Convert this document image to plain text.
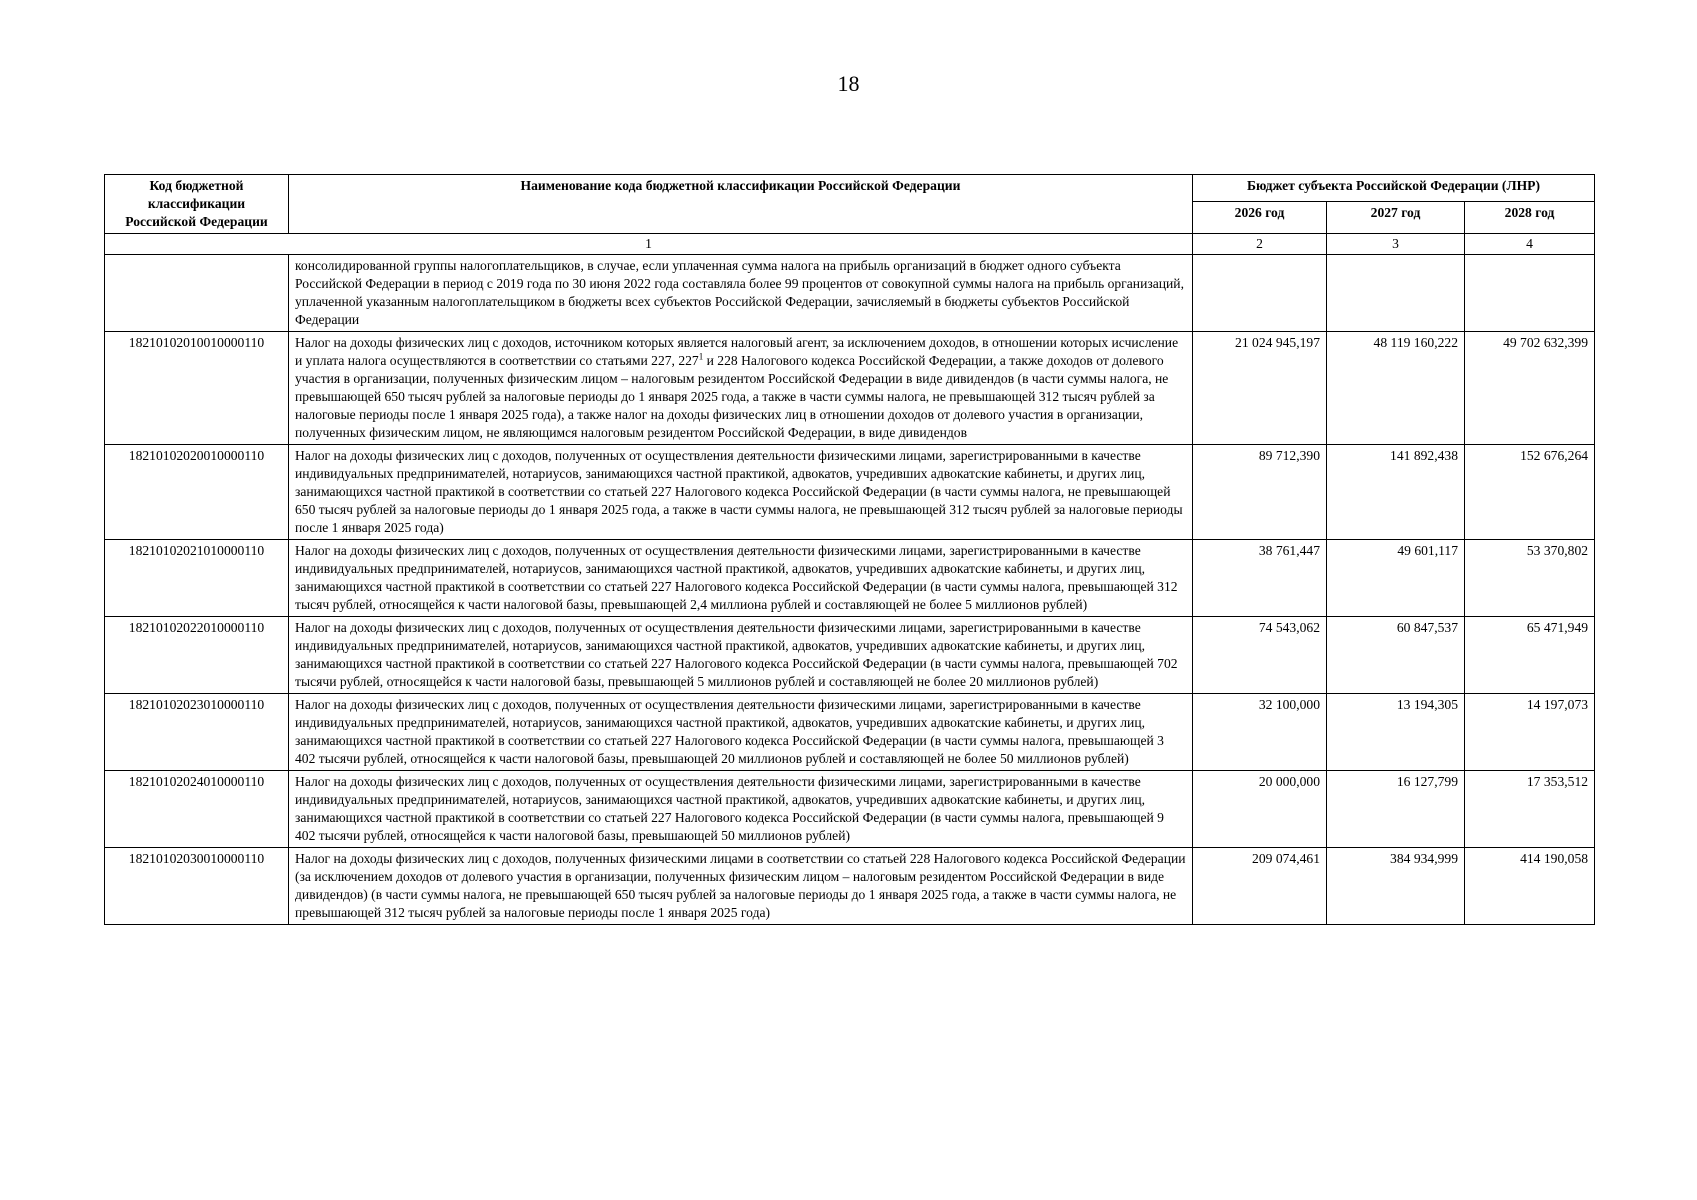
18
Код бюджетной классификации Российской Федерации	Наименование кода бюджетной классификации Российской Федерации	Бюджет субъекта Российской Федерации (ЛНР)		
		2026 год	2027 год	2028 год
1		2	3	4
	консолидированной группы налогоплательщиков, в случае, если уплаченная сумма налога на прибыль организаций в бюджет одного субъекта Российской Федерации в период с 2019 года по 30 июня 2022 года составляла более 99 процентов от совокупной суммы налога на прибыль организаций, уплаченной указанным налогоплательщиком в бюджеты всех субъектов Российской Федерации, зачисляемый в бюджеты субъектов Российской Федерации			
18210102010010000110	Налог на доходы физических лиц с доходов, источником которых является налоговый агент, за исключением доходов, в отношении которых исчисление и уплата налога осуществляются в соответствии со статьями 227, 227$^1$ и 228 Налогового кодекса Российской Федерации, а также доходов от долевого участия в организации, полученных физическим лицом – налоговым резидентом Российской Федерации в виде дивидендов (в части суммы налога, не превышающей 650 тысяч рублей за налоговые периоды до 1 января 2025 года, а также в части суммы налога, не превышающей 312 тысяч рублей за налоговые периоды после 1 января 2025 года), а также налог на доходы физических лиц в отношении доходов от долевого участия в организации, полученных физическим лицом, не являющимся налоговым резидентом Российской Федерации, в виде дивидендов	21 024 945,197	48 119 160,222	49 702 632,399
18210102020010000110	Налог на доходы физических лиц с доходов, полученных от осуществления деятельности физическими лицами, зарегистрированными в качестве индивидуальных предпринимателей, нотариусов, занимающихся частной практикой, адвокатов, учредивших адвокатские кабинеты, и других лиц, занимающихся частной практикой в соответствии со статьей 227 Налогового кодекса Российской Федерации (в части суммы налога, не превышающей 650 тысяч рублей за налоговые периоды до 1 января 2025 года, а также в части суммы налога, не превышающей 312 тысяч рублей за налоговые периоды после 1 января 2025 года)	89 712,390	141 892,438	152 676,264
18210102021010000110	Налог на доходы физических лиц с доходов, полученных от осуществления деятельности физическими лицами, зарегистрированными в качестве индивидуальных предпринимателей, нотариусов, занимающихся частной практикой, адвокатов, учредивших адвокатские кабинеты, и других лиц, занимающихся частной практикой в соответствии со статьей 227 Налогового кодекса Российской Федерации (в части суммы налога, превышающей 312 тысяч рублей, относящейся к части налоговой базы, превышающей 2,4 миллиона рублей и составляющей не более 5 миллионов рублей)	38 761,447	49 601,117	53 370,802
18210102022010000110	Налог на доходы физических лиц с доходов, полученных от осуществления деятельности физическими лицами, зарегистрированными в качестве индивидуальных предпринимателей, нотариусов, занимающихся частной практикой, адвокатов, учредивших адвокатские кабинеты, и других лиц, занимающихся частной практикой в соответствии со статьей 227 Налогового кодекса Российской Федерации (в части суммы налога, превышающей 702 тысячи рублей, относящейся к части налоговой базы, превышающей 5 миллионов рублей и составляющей не более 20 миллионов рублей)	74 543,062	60 847,537	65 471,949
18210102023010000110	Налог на доходы физических лиц с доходов, полученных от осуществления деятельности физическими лицами, зарегистрированными в качестве индивидуальных предпринимателей, нотариусов, занимающихся частной практикой, адвокатов, учредивших адвокатские кабинеты, и других лиц, занимающихся частной практикой в соответствии со статьей 227 Налогового кодекса Российской Федерации (в части суммы налога, превышающей 3 402 тысячи рублей, относящейся к части налоговой базы, превышающей 20 миллионов рублей и составляющей не более 50 миллионов рублей)	32 100,000	13 194,305	14 197,073
18210102024010000110	Налог на доходы физических лиц с доходов, полученных от осуществления деятельности физическими лицами, зарегистрированными в качестве индивидуальных предпринимателей, нотариусов, занимающихся частной практикой, адвокатов, учредивших адвокатские кабинеты, и других лиц, занимающихся частной практикой в соответствии со статьей 227 Налогового кодекса Российской Федерации (в части суммы налога, превышающей 9 402 тысячи рублей, относящейся к части налоговой базы, превышающей 50 миллионов рублей)	20 000,000	16 127,799	17 353,512
18210102030010000110	Налог на доходы физических лиц с доходов, полученных физическими лицами в соответствии со статьей 228 Налогового кодекса Российской Федерации (за исключением доходов от долевого участия в организации, полученных физическим лицом – налоговым резидентом Российской Федерации в виде дивидендов) (в части суммы налога, не превышающей 650 тысяч рублей за налоговые периоды до 1 января 2025 года, а также в части суммы налога, не превышающей 312 тысяч рублей за налоговые периоды после 1 января 2025 года)	209 074,461	384 934,999	414 190,058
